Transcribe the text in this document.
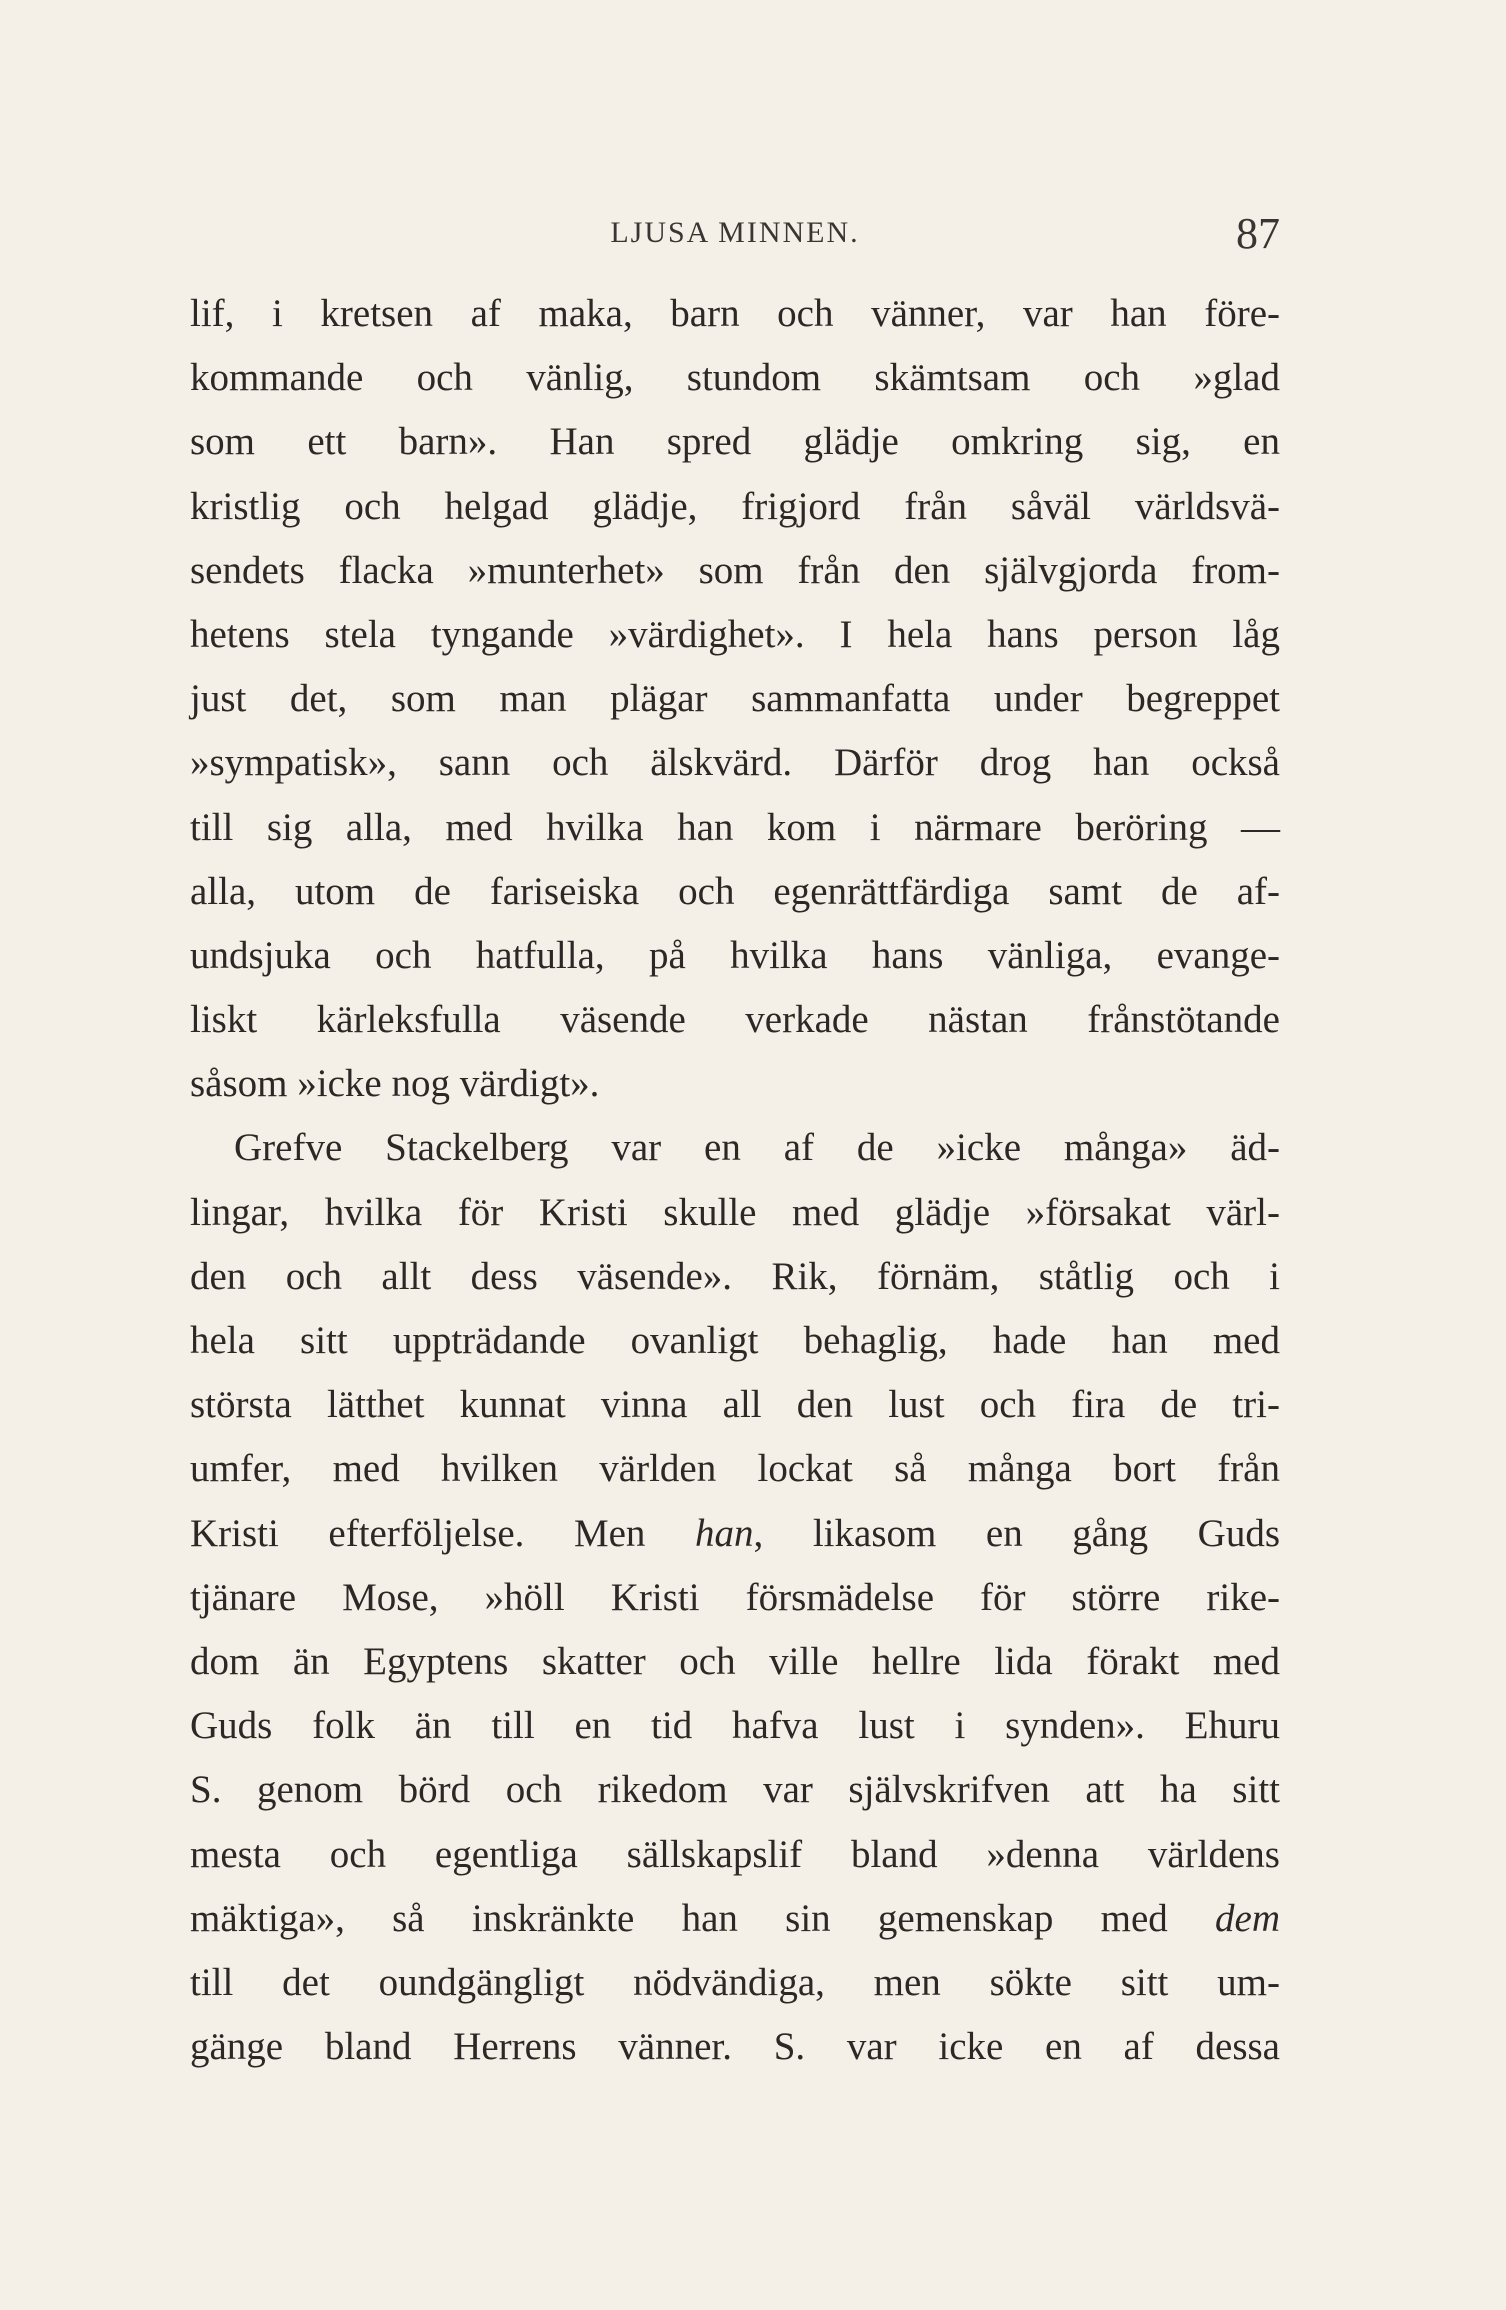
LJUSA MINNEN.	87
lif, i kretsen af maka, barn och vänner, var han före-
kommande och vänlig, stundom skämtsam och »glad
som ett barn». Han spred glädje omkring sig, en
kristlig och helgad glädje, frigjord från såväl världsvä-
sendets flacka »munterhet» som från den självgjorda from-
hetens stela tyngande »värdighet». I hela hans person låg
just det, som man plägar sammanfatta under begreppet
»sympatisk», sann och älskvärd. Därför drog han också
till sig alla, med hvilka han kom i närmare beröring —
alla, utom de fariseiska och egenrättfärdiga samt de af-
undsjuka och hatfulla, på hvilka hans vänliga, evange-
liskt kärleksfulla väsende verkade nästan frånstötande
såsom »icke nog värdigt».
Grefve Stackelberg var en af de »icke många» äd-
lingar, hvilka för Kristi skulle med glädje »försakat värl-
den och allt dess väsende». Rik, förnäm, ståtlig och i
hela sitt uppträdande ovanligt behaglig, hade han med
största lätthet kunnat vinna all den lust och fira de tri-
umfer, med hvilken världen lockat så många bort från
Kristi efterföljelse. Men han, likasom en gång Guds
tjänare Mose, »höll Kristi försmädelse för större rike-
dom än Egyptens skatter och ville hellre lida förakt med
Guds folk än till en tid hafva lust i synden». Ehuru
S. genom börd och rikedom var självskrifven att ha sitt
mesta och egentliga sällskapslif bland »denna världens
mäktiga», så inskränkte han sin gemenskap med dem
till det oundgängligt nödvändiga, men sökte sitt um-
gänge bland Herrens vänner. S. var icke en af dessa
